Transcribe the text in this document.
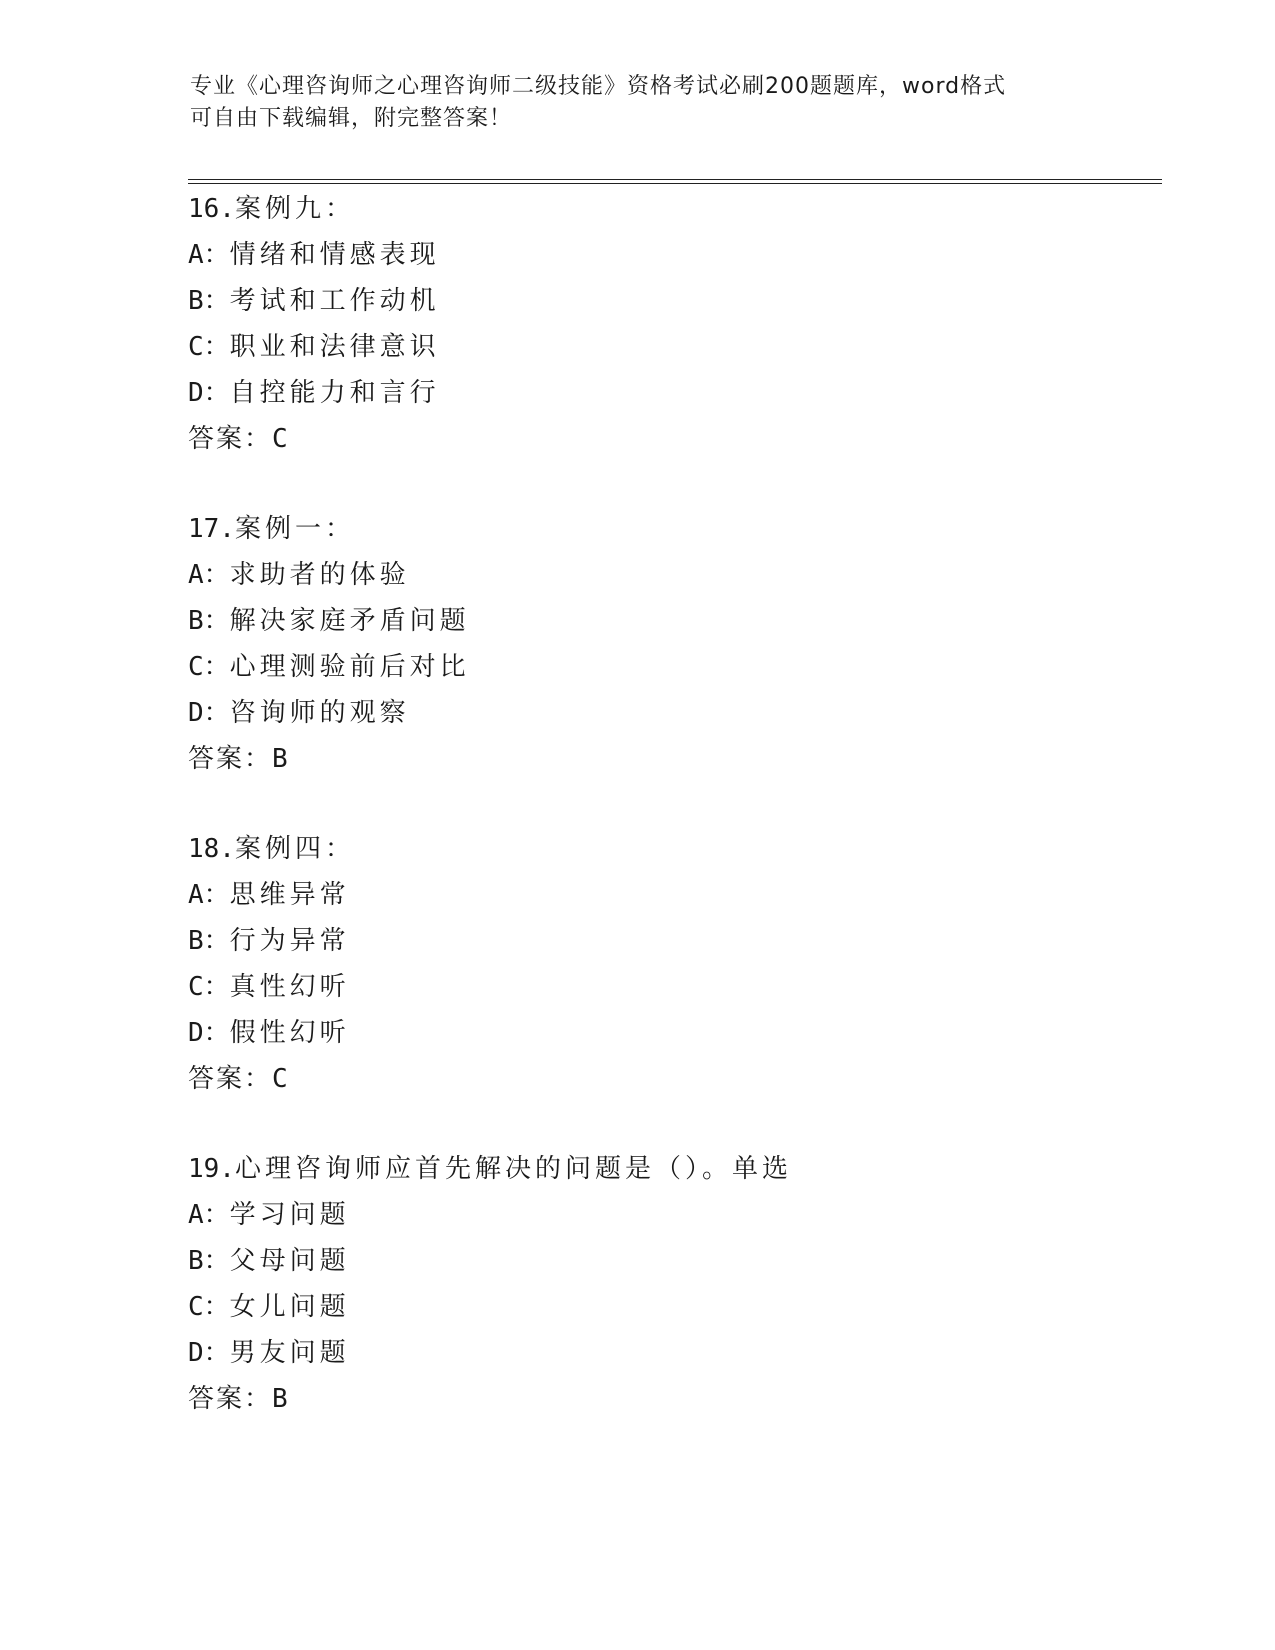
专业《心理咨询师之心理咨询师二级技能》资格考试必刷200题题库，word格式
可自由下载编辑，附完整答案！
16.案例九：
A：情绪和情感表现
B：考试和工作动机
C：职业和法律意识
D：自控能力和言行
答案：C
17.案例一：
A：求助者的体验
B：解决家庭矛盾问题
C：心理测验前后对比
D：咨询师的观察
答案：B
18.案例四：
A：思维异常
B：行为异常
C：真性幻听
D：假性幻听
答案：C
19.心理咨询师应首先解决的问题是（）。单选
A：学习问题
B：父母问题
C：女儿问题
D：男友问题
答案：B
